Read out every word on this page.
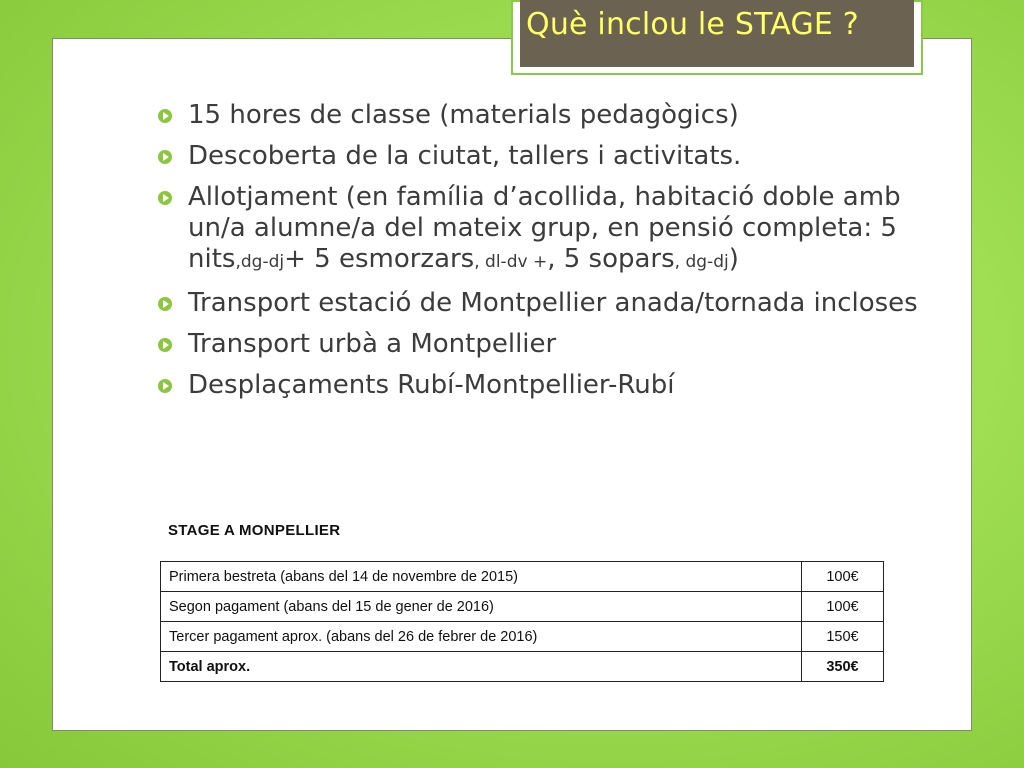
Què inclou le STAGE ?
15 hores de classe (materials pedagògics)
Descoberta de la ciutat, tallers i activitats.
Allotjament (en família d’acollida, habitació doble amb un/a alumne/a del mateix grup, en pensió completa: 5 nits,dg-dj+ 5 esmorzars, dl-dv +, 5 sopars, dg-dj)
Transport estació de Montpellier anada/tornada incloses
Transport urbà a Montpellier
Desplaçaments Rubí-Montpellier-Rubí
STAGE A MONPELLIER
Primera bestreta (abans del 14 de novembre de 2015)	100€
Segon pagament (abans del 15 de gener de 2016)	100€
Tercer pagament aprox. (abans del 26 de febrer de 2016)	150€
Total aprox.	350€
